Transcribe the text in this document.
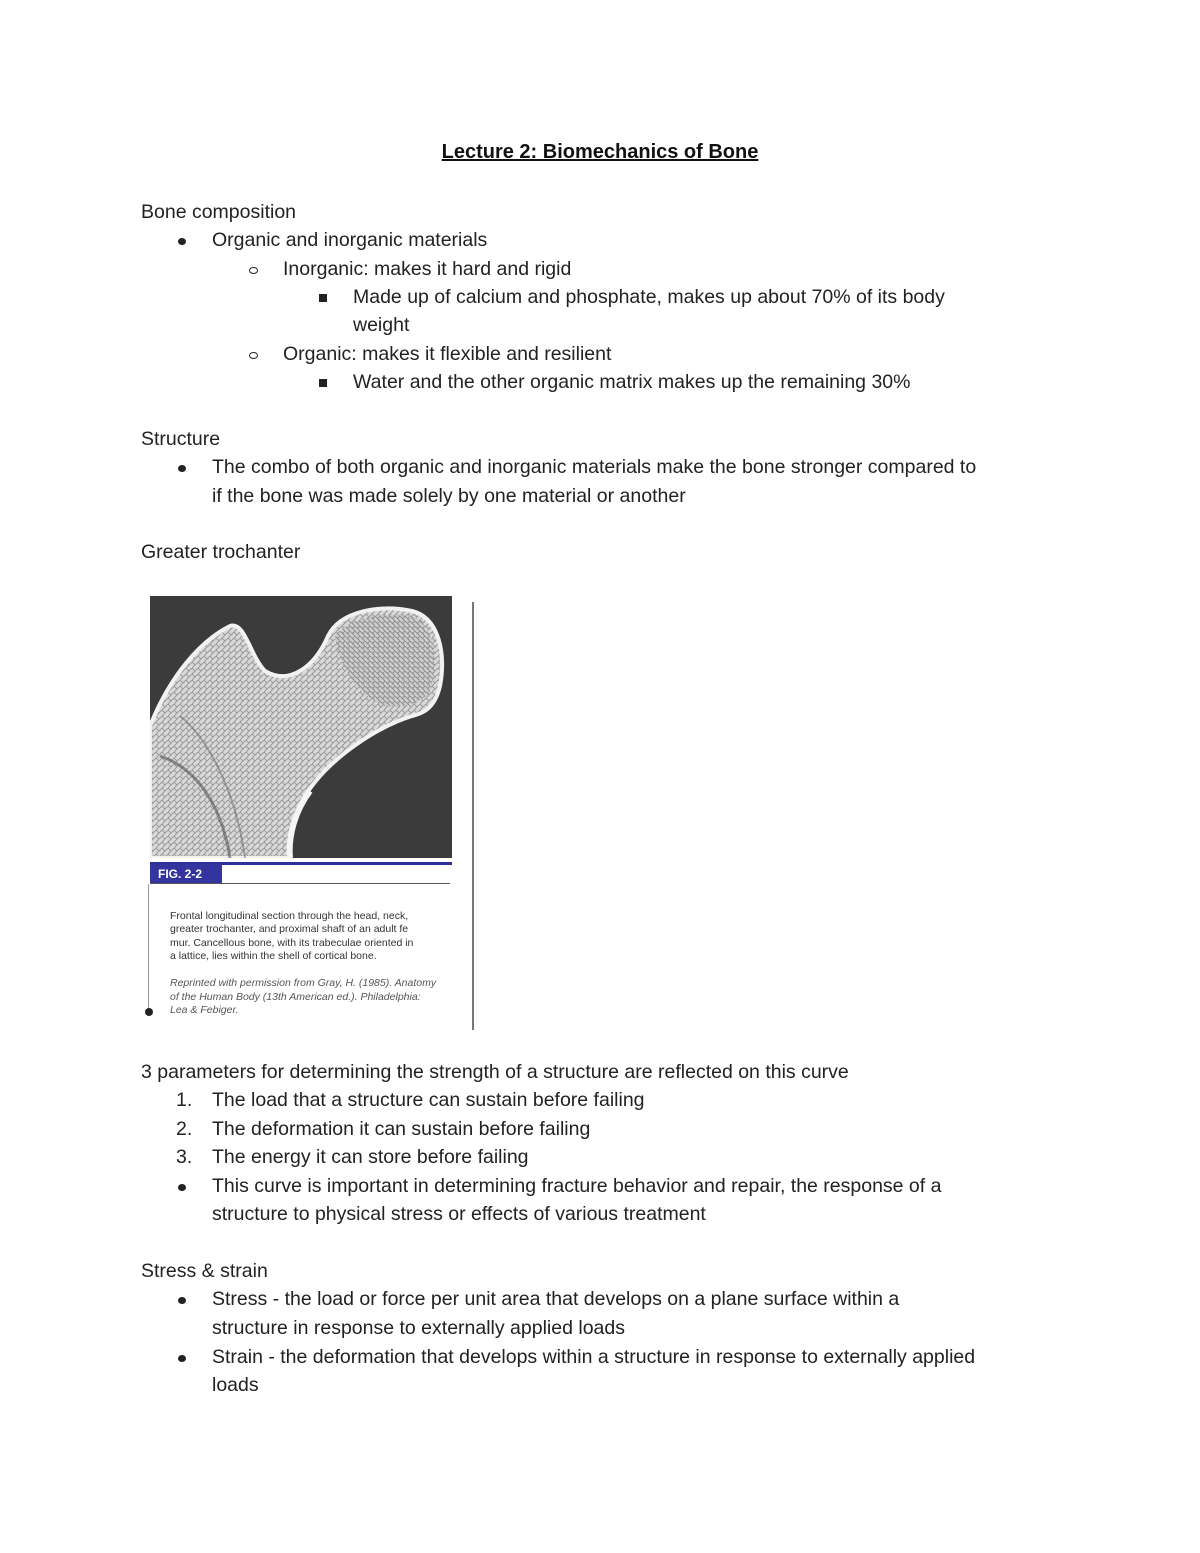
Lecture 2: Biomechanics of Bone
Bone composition
Organic and inorganic materials
Inorganic: makes it hard and rigid
Made up of calcium and phosphate, makes up about 70% of its body
weight
Organic: makes it flexible and resilient
Water and the other organic matrix makes up the remaining 30%
Structure
The combo of both organic and inorganic materials make the bone stronger compared to
if the bone was made solely by one material or another
Greater trochanter
FIG. 2-2

Frontal longitudinal section through the head, neck,
greater trochanter, and proximal shaft of an adult fe
mur. Cancellous bone, with its trabeculae oriented in
a lattice, lies within the shell of cortical bone.

Reprinted with permission from Gray, H. (1985). Anatomy
of the Human Body (13th American ed.). Philadelphia:
Lea & Febiger.

3 parameters for determining the strength of a structure are reflected on this curve
1. The load that a structure can sustain before failing
2. The deformation it can sustain before failing
3. The energy it can store before failing
This curve is important in determining fracture behavior and repair, the response of a
structure to physical stress or effects of various treatment
Stress & strain
Stress - the load or force per unit area that develops on a plane surface within a
structure in response to externally applied loads
Strain - the deformation that develops within a structure in response to externally applied
loads
